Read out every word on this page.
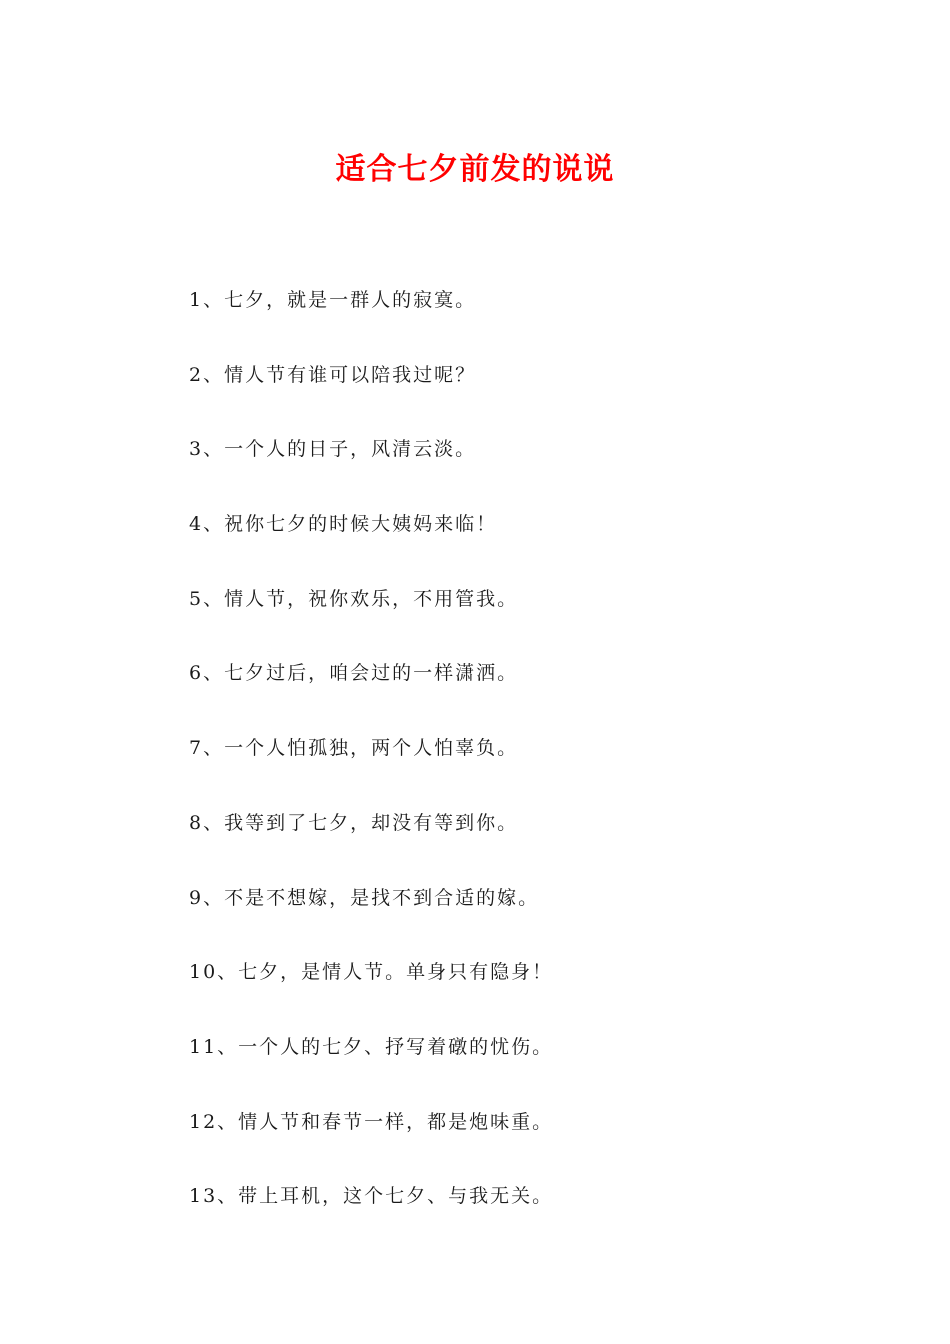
适合七夕前发的说说
1、七夕，就是一群人的寂寞。
2、情人节有谁可以陪我过呢？
3、一个人的日子，风清云淡。
4、祝你七夕的时候大姨妈来临！
5、情人节，祝你欢乐，不用管我。
6、七夕过后，咱会过的一样潇洒。
7、一个人怕孤独，两个人怕辜负。
8、我等到了七夕，却没有等到你。
9、不是不想嫁，是找不到合适的嫁。
10、七夕，是情人节。单身只有隐身！
11、一个人的七夕、抒写着礅的忧伤。
12、情人节和春节一样，都是炮味重。
13、带上耳机，这个七夕、与我无关。
